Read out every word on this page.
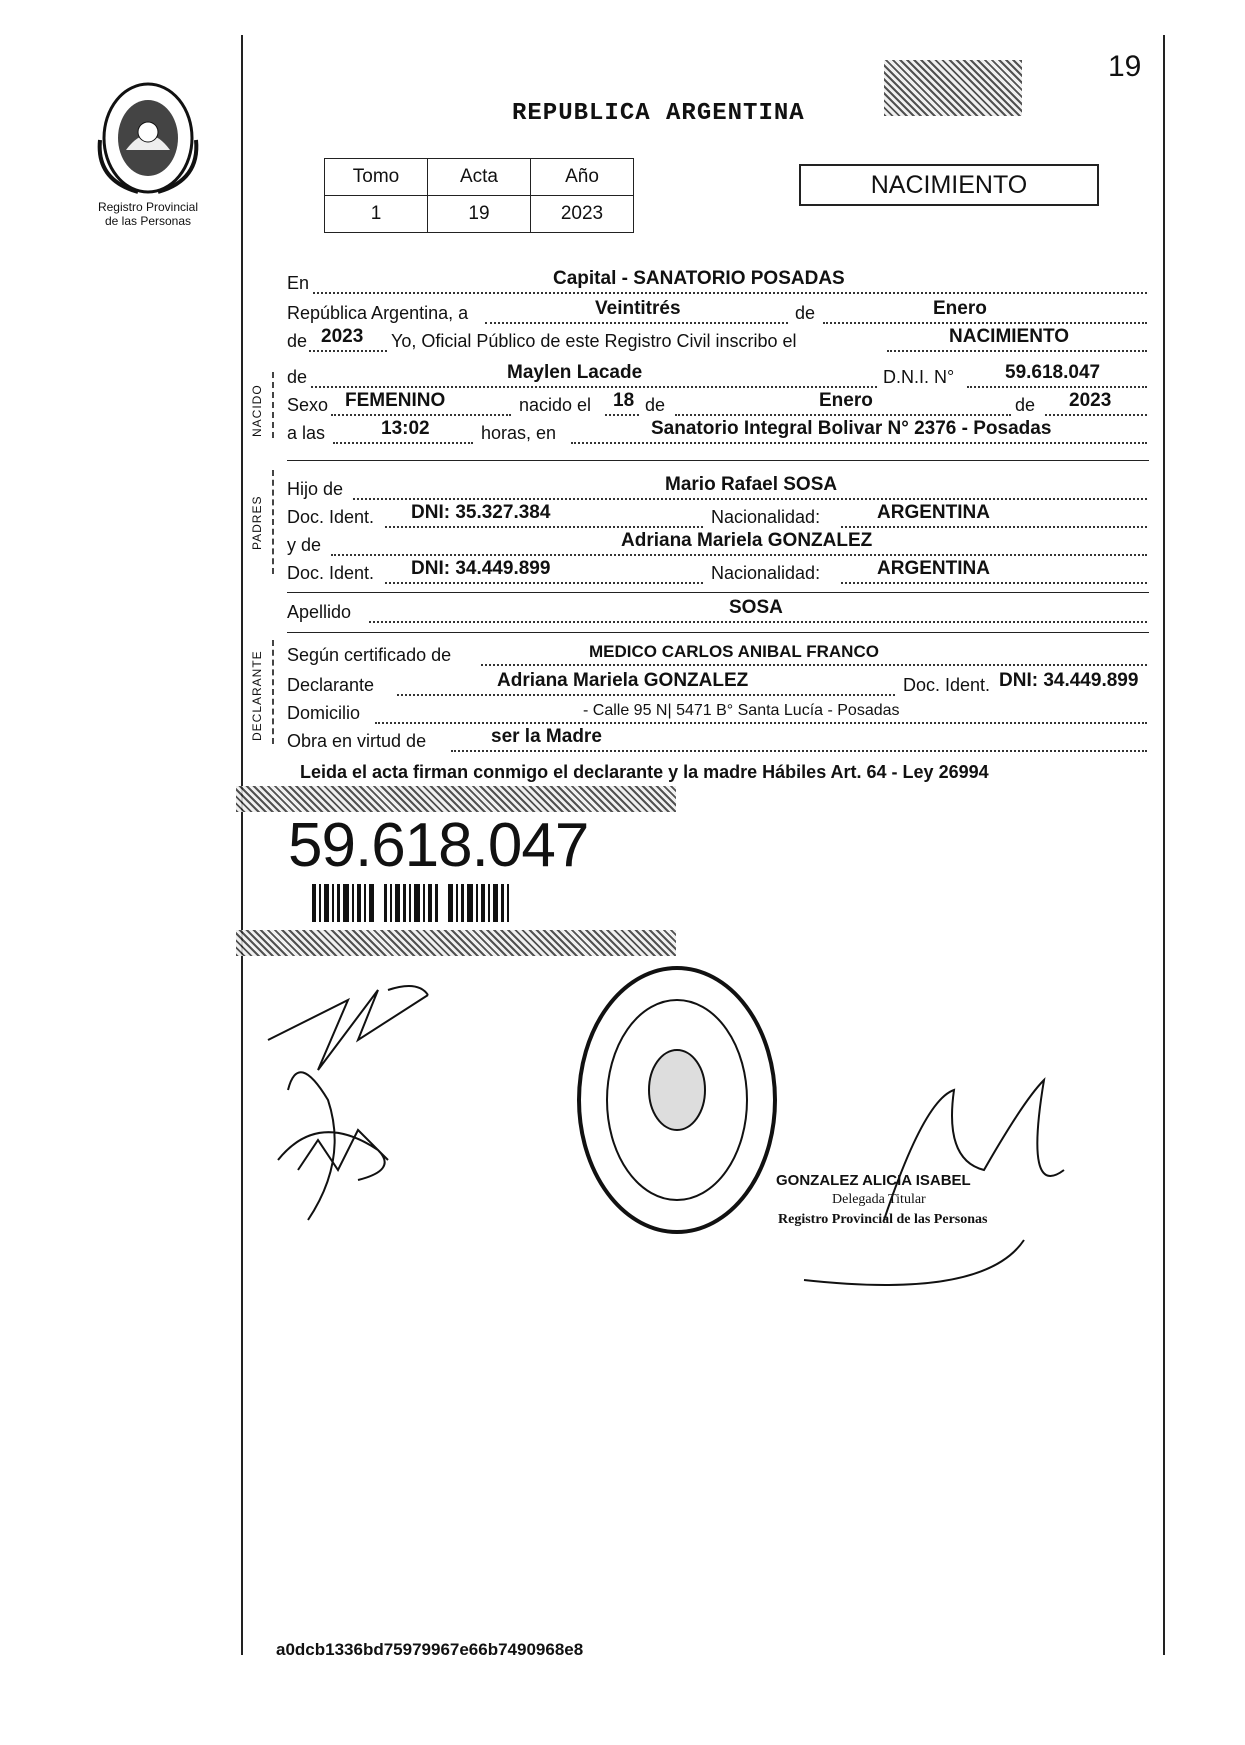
Registro Provincial
de las Personas
REPUBLICA ARGENTINA
19
Tomo	Acta	Año
1	19	2023
NACIMIENTO
NACIDO
PADRES
DECLARANTE
En	Capital - SANATORIO POSADAS
República Argentina, a	Veintitrés	de	Enero
de 2023 Yo, Oficial Público de este Registro Civil inscribo el	NACIMIENTO
de	Maylen Lacade	D.N.I. N°	59.618.047
Sexo FEMENINO	nacido el 18 de	Enero	de 2023
a las	13:02	horas, en	Sanatorio Integral Bolivar N° 2376 - Posadas
Hijo de	Mario Rafael SOSA
Doc. Ident. DNI: 35.327.384	Nacionalidad:	ARGENTINA
y de	Adriana Mariela GONZALEZ
Doc. Ident. DNI: 34.449.899	Nacionalidad:	ARGENTINA
Apellido	SOSA
Según certificado de	MEDICO CARLOS ANIBAL FRANCO
Declarante	Adriana Mariela GONZALEZ	Doc. Ident. DNI: 34.449.899
Domicilio	- Calle 95 N| 5471 B° Santa Lucía - Posadas
Obra en virtud de	ser la Madre
Leida el acta firman conmigo el declarante y la madre Hábiles Art. 64 - Ley 26994
59.618.047
GONZALEZ ALICIA ISABEL
Delegada Titular
Registro Provincial de las Personas
a0dcb1336bd75979967e66b7490968e8
